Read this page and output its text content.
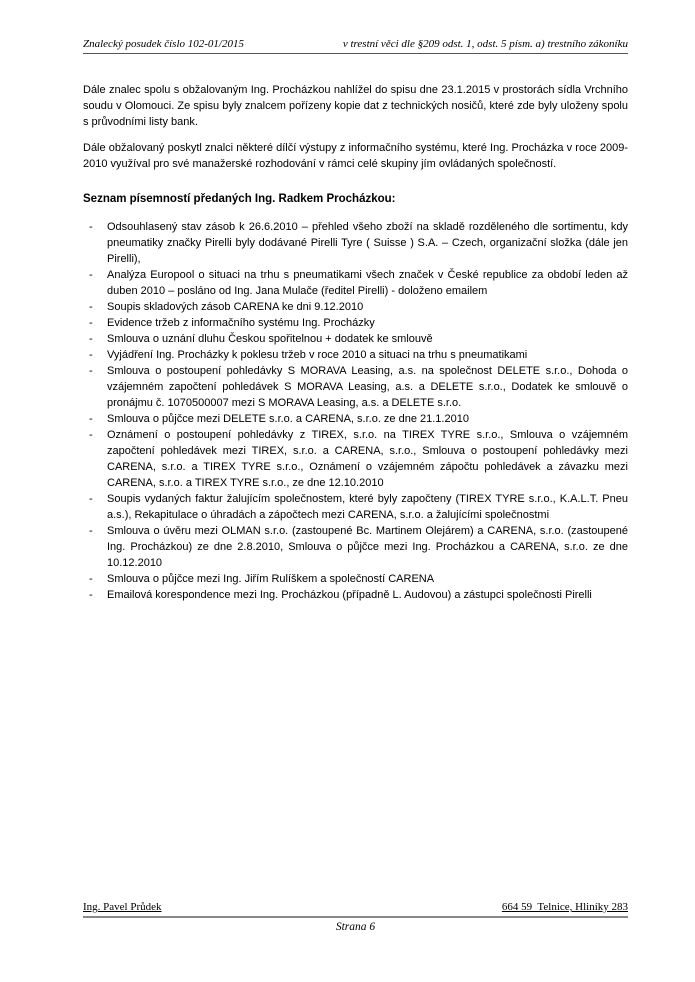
Znalecký posudek číslo 102-01/2015	v trestní věci dle §209 odst. 1, odst. 5 písm. a) trestního zákoníku

Dále znalec spolu s obžalovaným Ing. Procházkou nahlížel do spisu dne 23.1.2015 v prostorách sídla Vrchního soudu v Olomouci. Ze spisu byly znalcem pořízeny kopie dat z technických nosičů, které zde byly uloženy spolu s průvodními listy bank.

Dále obžalovaný poskytl znalci některé dílčí výstupy z informačního systému, které Ing. Procházka v roce 2009-2010 využíval pro své manažerské rozhodování v rámci celé skupiny jím ovládaných společností.

Seznam písemností předaných Ing. Radkem Procházkou:
-	Odsouhlasený stav zásob k 26.6.2010 – přehled všeho zboží na skladě rozděleného dle sortimentu, kdy pneumatiky značky Pirelli byly dodávané Pirelli Tyre ( Suisse ) S.A. – Czech, organizační složka (dále jen Pirelli),
-	Analýza Europool o situaci na trhu s pneumatikami všech značek v České republice za období leden až duben 2010 – posláno od Ing. Jana Mulače (ředitel Pirelli) - doloženo emailem
-	Soupis skladových zásob CARENA ke dni 9.12.2010
-	Evidence tržeb z informačního systému Ing. Procházky
-	Smlouva o uznání dluhu Českou spořitelnou + dodatek ke smlouvě
-	Vyjádření Ing. Procházky k poklesu tržeb v roce 2010 a situaci na trhu s pneumatikami
-	Smlouva o postoupení pohledávky S MORAVA Leasing, a.s. na společnost DELETE s.r.o., Dohoda o vzájemném započtení pohledávek S MORAVA Leasing, a.s. a DELETE s.r.o., Dodatek ke smlouvě o pronájmu č. 1070500007 mezi S MORAVA Leasing, a.s. a DELETE s.r.o.
-	Smlouva o půjčce mezi DELETE s.r.o. a CARENA, s.r.o. ze dne 21.1.2010
-	Oznámení o postoupení pohledávky z TIREX, s.r.o. na TIREX TYRE s.r.o., Smlouva o vzájemném započtení pohledávek mezi TIREX, s.r.o. a CARENA, s.r.o., Smlouva o postoupení pohledávky mezi CARENA, s.r.o. a TIREX TYRE s.r.o., Oznámení o vzájemném zápočtu pohledávek a závazku mezi CARENA, s.r.o. a TIREX TYRE s.r.o., ze dne 12.10.2010
-	Soupis vydaných faktur žalujícím společnostem, které byly započteny (TIREX TYRE s.r.o., K.A.L.T. Pneu a.s.), Rekapitulace o úhradách a zápočtech mezi CARENA, s.r.o. a žalujícími společnostmi
-	Smlouva o úvěru mezi OLMAN s.r.o. (zastoupené Bc. Martinem Olejárem) a CARENA, s.r.o. (zastoupené Ing. Procházkou) ze dne 2.8.2010, Smlouva o půjčce mezi Ing. Procházkou a CARENA, s.r.o. ze dne 10.12.2010
-	Smlouva o půjčce mezi Ing. Jiřím Rulíškem a společností CARENA
-	Emailová korespondence mezi Ing. Procházkou (případně L. Audovou) a zástupci společnosti Pirelli
Ing. Pavel Průdek	664 59  Telnice, Hliníky 283
Strana 6
